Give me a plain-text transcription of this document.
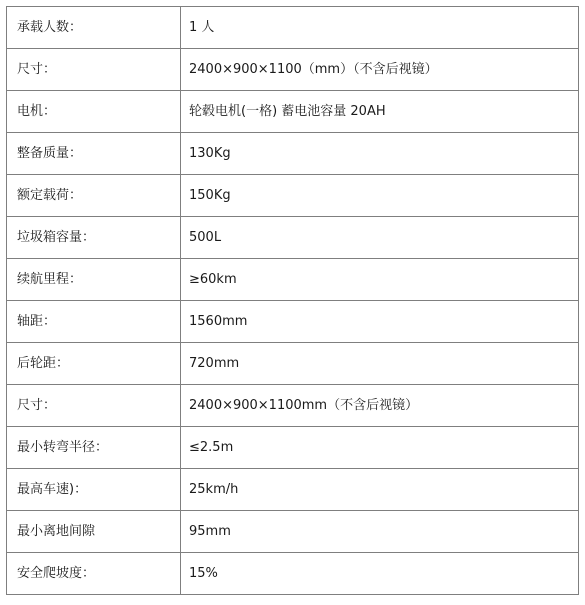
承载人数：	1 人
尺寸：	2400×900×1100（mm）（不含后视镜）
电机：	轮毂电机(一格) 蓄电池容量 20AH
整备质量：	130Kg
额定载荷：	150Kg
垃圾箱容量：	500L
续航里程：	≥60km
轴距：	1560mm
后轮距：	720mm
尺寸：	2400×900×1100mm（不含后视镜）
最小转弯半径：	≤2.5m
最高车速)：	25km/h
最小离地间隙	95mm
安全爬坡度：	15%
